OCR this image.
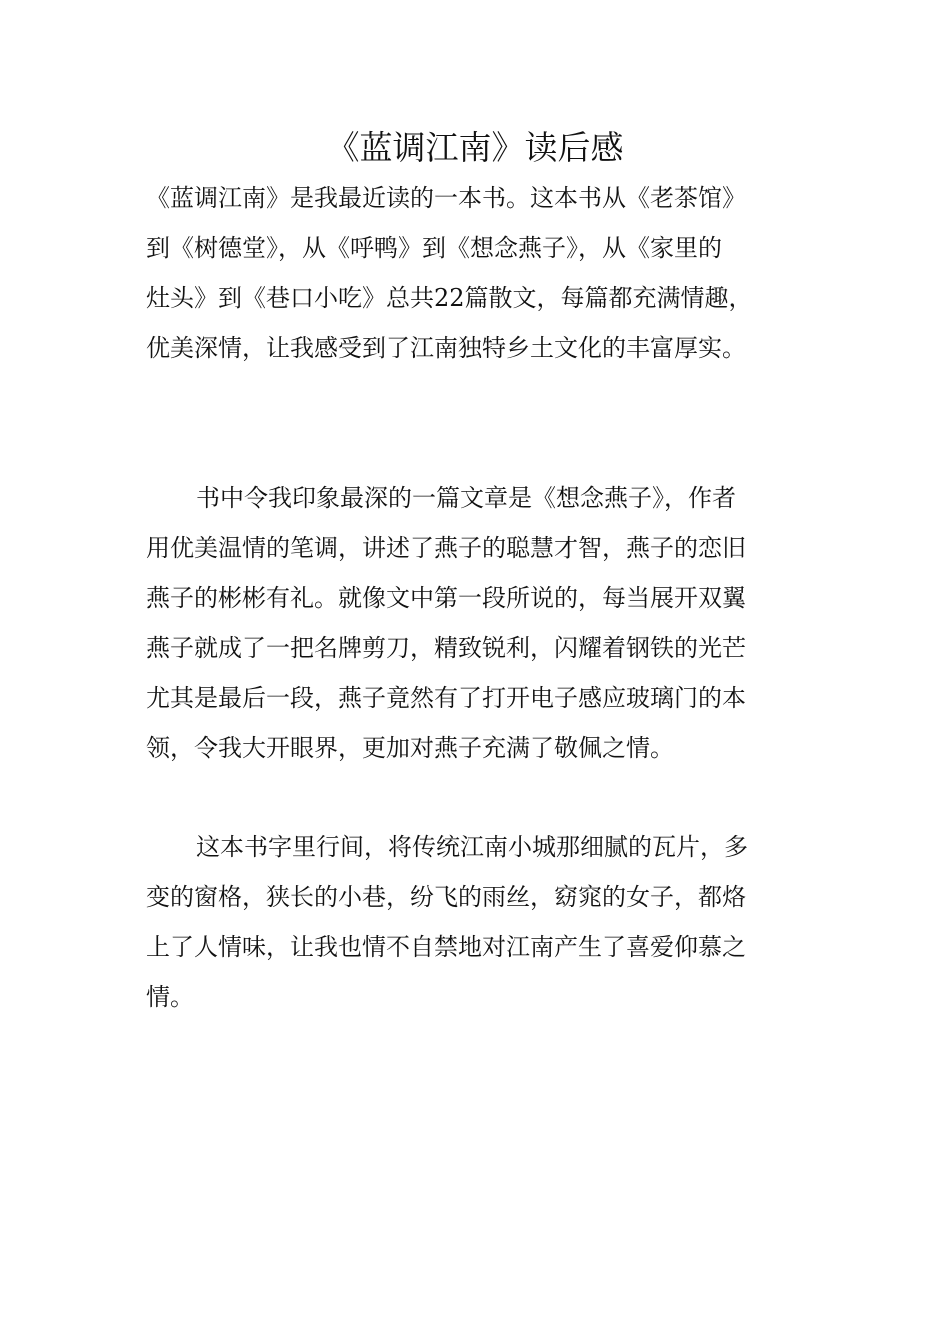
《蓝调江南》读后感
《蓝调江南》是我最近读的一本书。这本书从《老茶馆》
到《树德堂》，从《呼鸭》到《想念燕子》，从《家里的
灶头》到《巷口小吃》总共22篇散文，每篇都充满情趣，
优美深情，让我感受到了江南独特乡土文化的丰富厚实。
书中令我印象最深的一篇文章是《想念燕子》，作者
用优美温情的笔调，讲述了燕子的聪慧才智，燕子的恋旧
燕子的彬彬有礼。就像文中第一段所说的，每当展开双翼
燕子就成了一把名牌剪刀，精致锐利，闪耀着钢铁的光芒
尤其是最后一段，燕子竟然有了打开电子感应玻璃门的本
领，令我大开眼界，更加对燕子充满了敬佩之情。
这本书字里行间，将传统江南小城那细腻的瓦片，多
变的窗格，狭长的小巷，纷飞的雨丝，窈窕的女子，都烙
上了人情味，让我也情不自禁地对江南产生了喜爱仰慕之
情。
